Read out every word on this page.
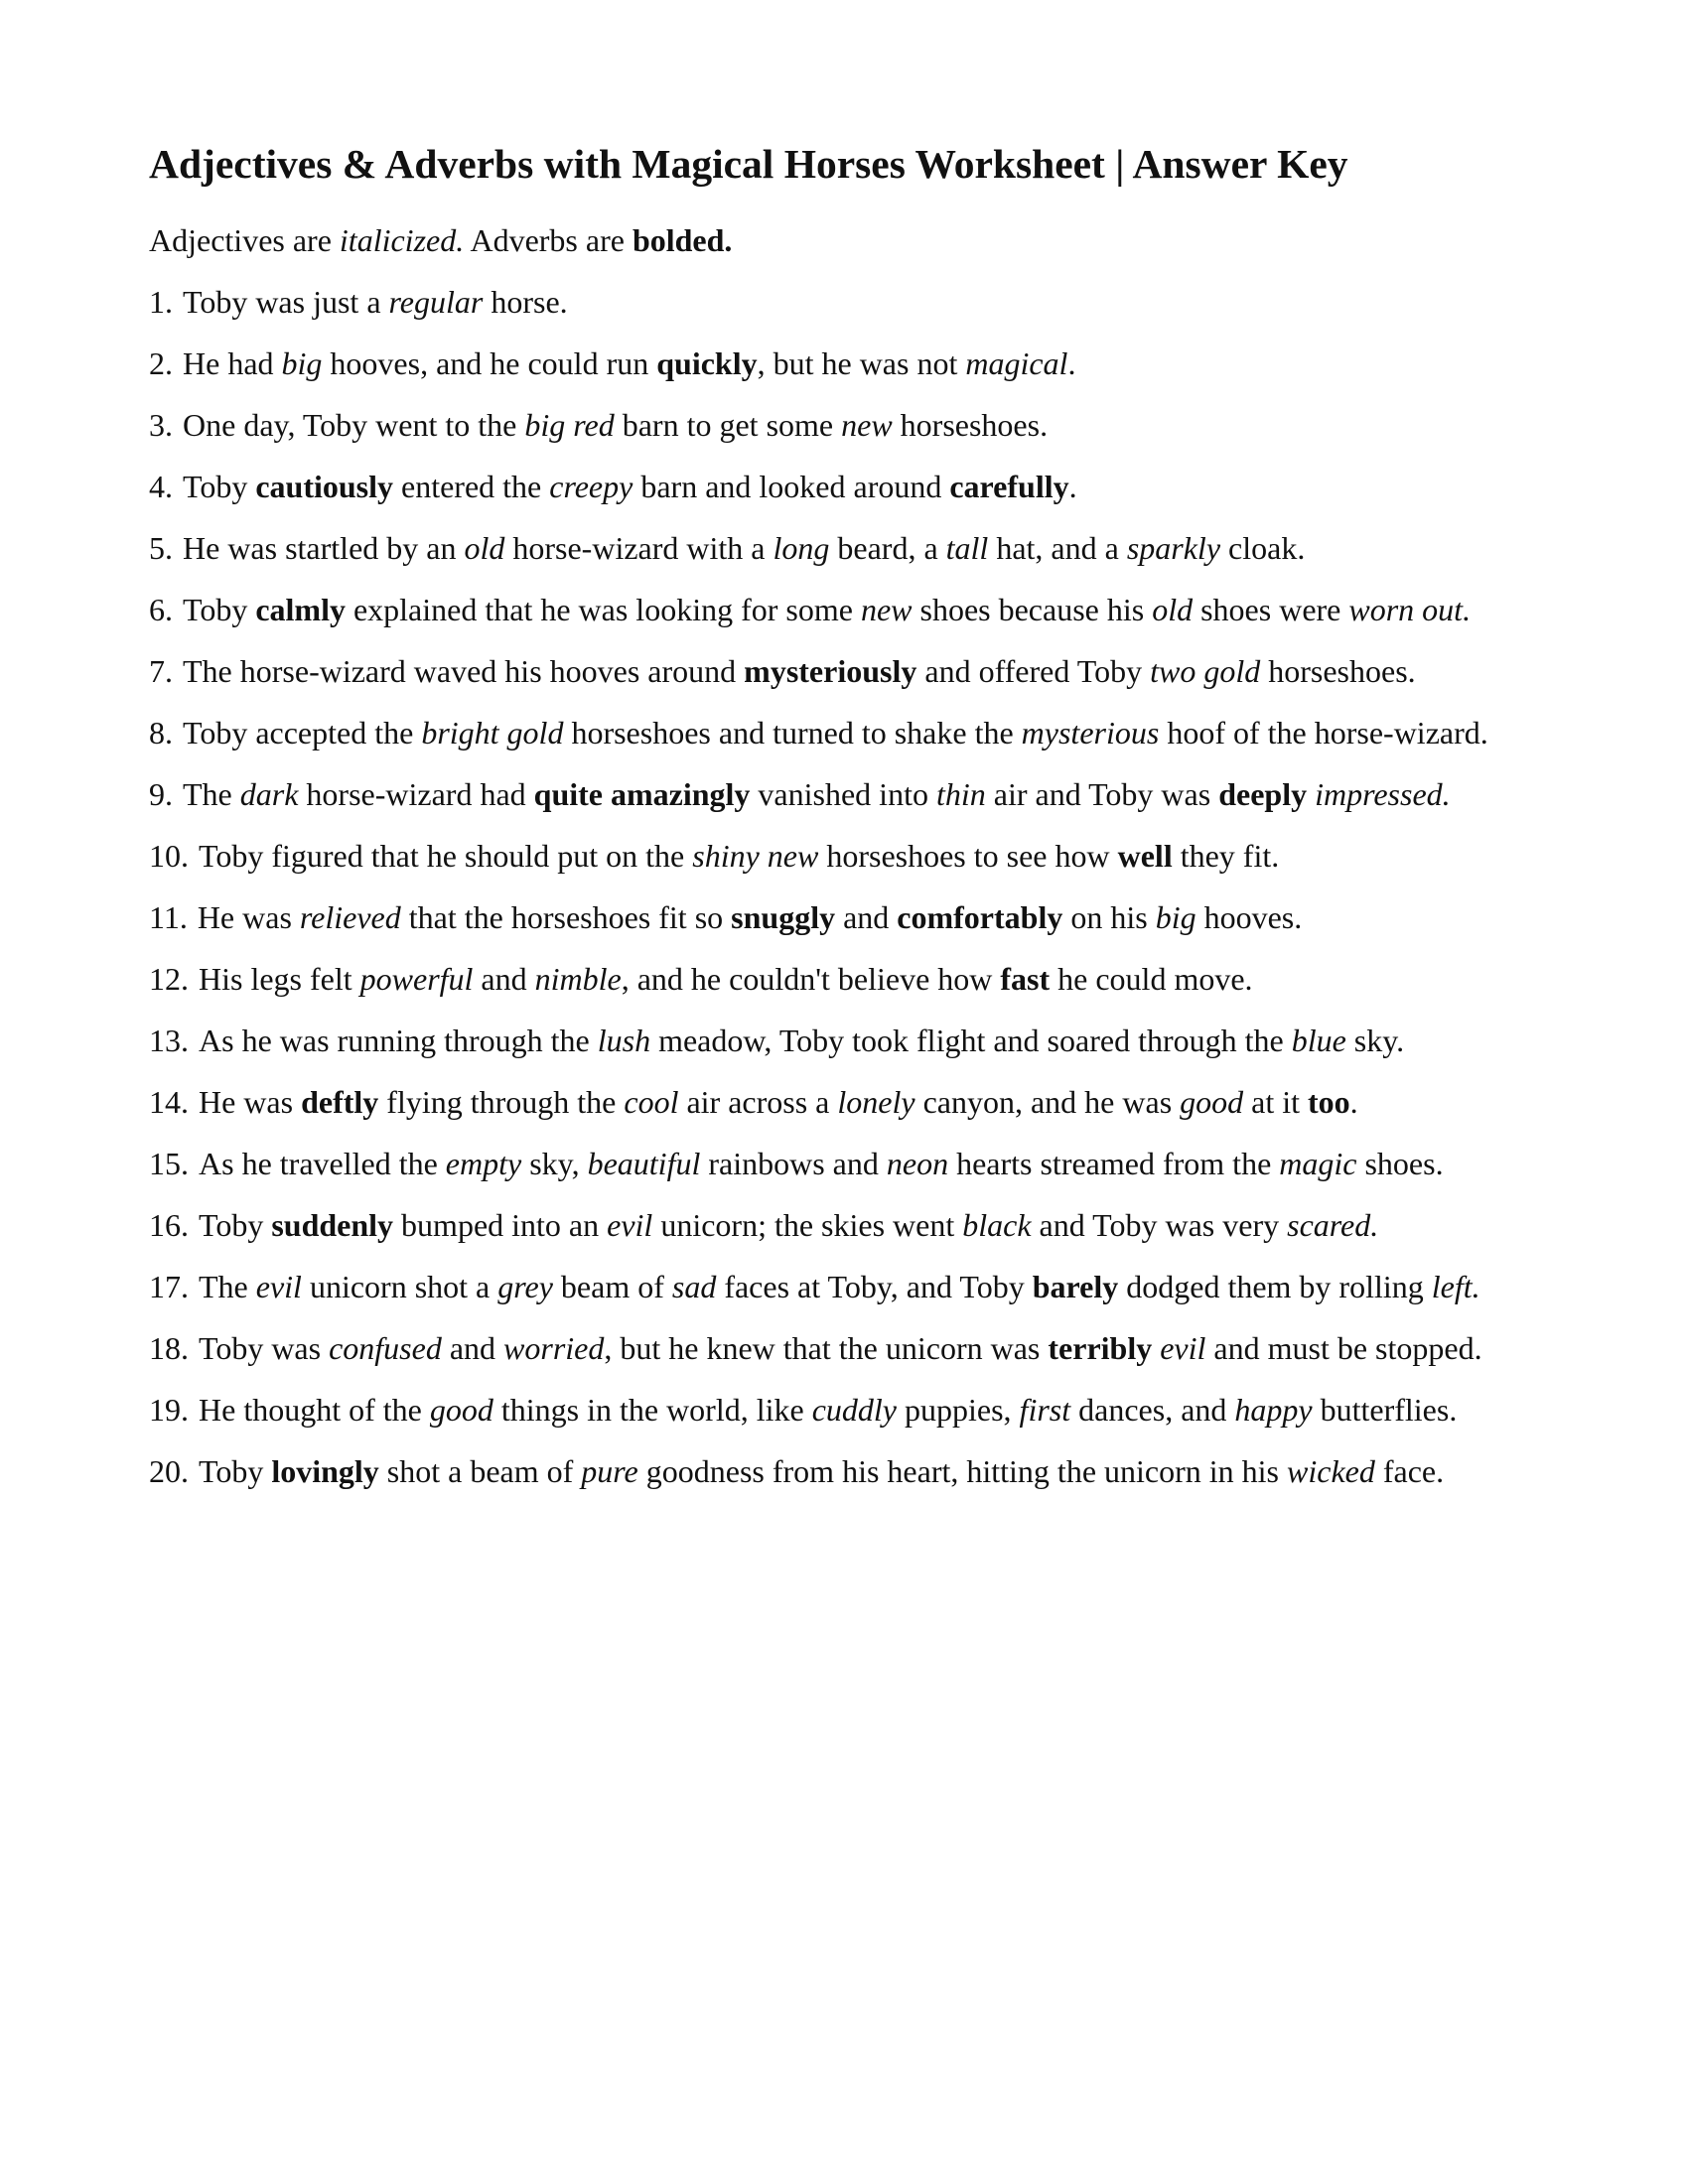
Adjectives & Adverbs with Magical Horses Worksheet | Answer Key

Adjectives are italicized. Adverbs are bolded.

1. Toby was just a regular horse.

2. He had big hooves, and he could run quickly, but he was not magical.

3. One day, Toby went to the big red barn to get some new horseshoes.

4. Toby cautiously entered the creepy barn and looked around carefully.

5. He was startled by an old horse-wizard with a long beard, a tall hat, and a sparkly cloak.

6. Toby calmly explained that he was looking for some new shoes because his old shoes were worn out.

7. The horse-wizard waved his hooves around mysteriously and offered Toby two gold horseshoes.

8. Toby accepted the bright gold horseshoes and turned to shake the mysterious hoof of the horse-wizard.

9. The dark horse-wizard had quite amazingly vanished into thin air and Toby was deeply impressed.

10. Toby figured that he should put on the shiny new horseshoes to see how well they fit.

11. He was relieved that the horseshoes fit so snuggly and comfortably on his big hooves.

12. His legs felt powerful and nimble, and he couldn't believe how fast he could move.

13. As he was running through the lush meadow, Toby took flight and soared through the blue sky.

14. He was deftly flying through the cool air across a lonely canyon, and he was good at it too.

15. As he travelled the empty sky, beautiful rainbows and neon hearts streamed from the magic shoes.

16. Toby suddenly bumped into an evil unicorn; the skies went black and Toby was very scared.

17. The evil unicorn shot a grey beam of sad faces at Toby, and Toby barely dodged them by rolling left.

18. Toby was confused and worried, but he knew that the unicorn was terribly evil and must be stopped.

19. He thought of the good things in the world, like cuddly puppies, first dances, and happy butterflies.

20. Toby lovingly shot a beam of pure goodness from his heart, hitting the unicorn in his wicked face.
